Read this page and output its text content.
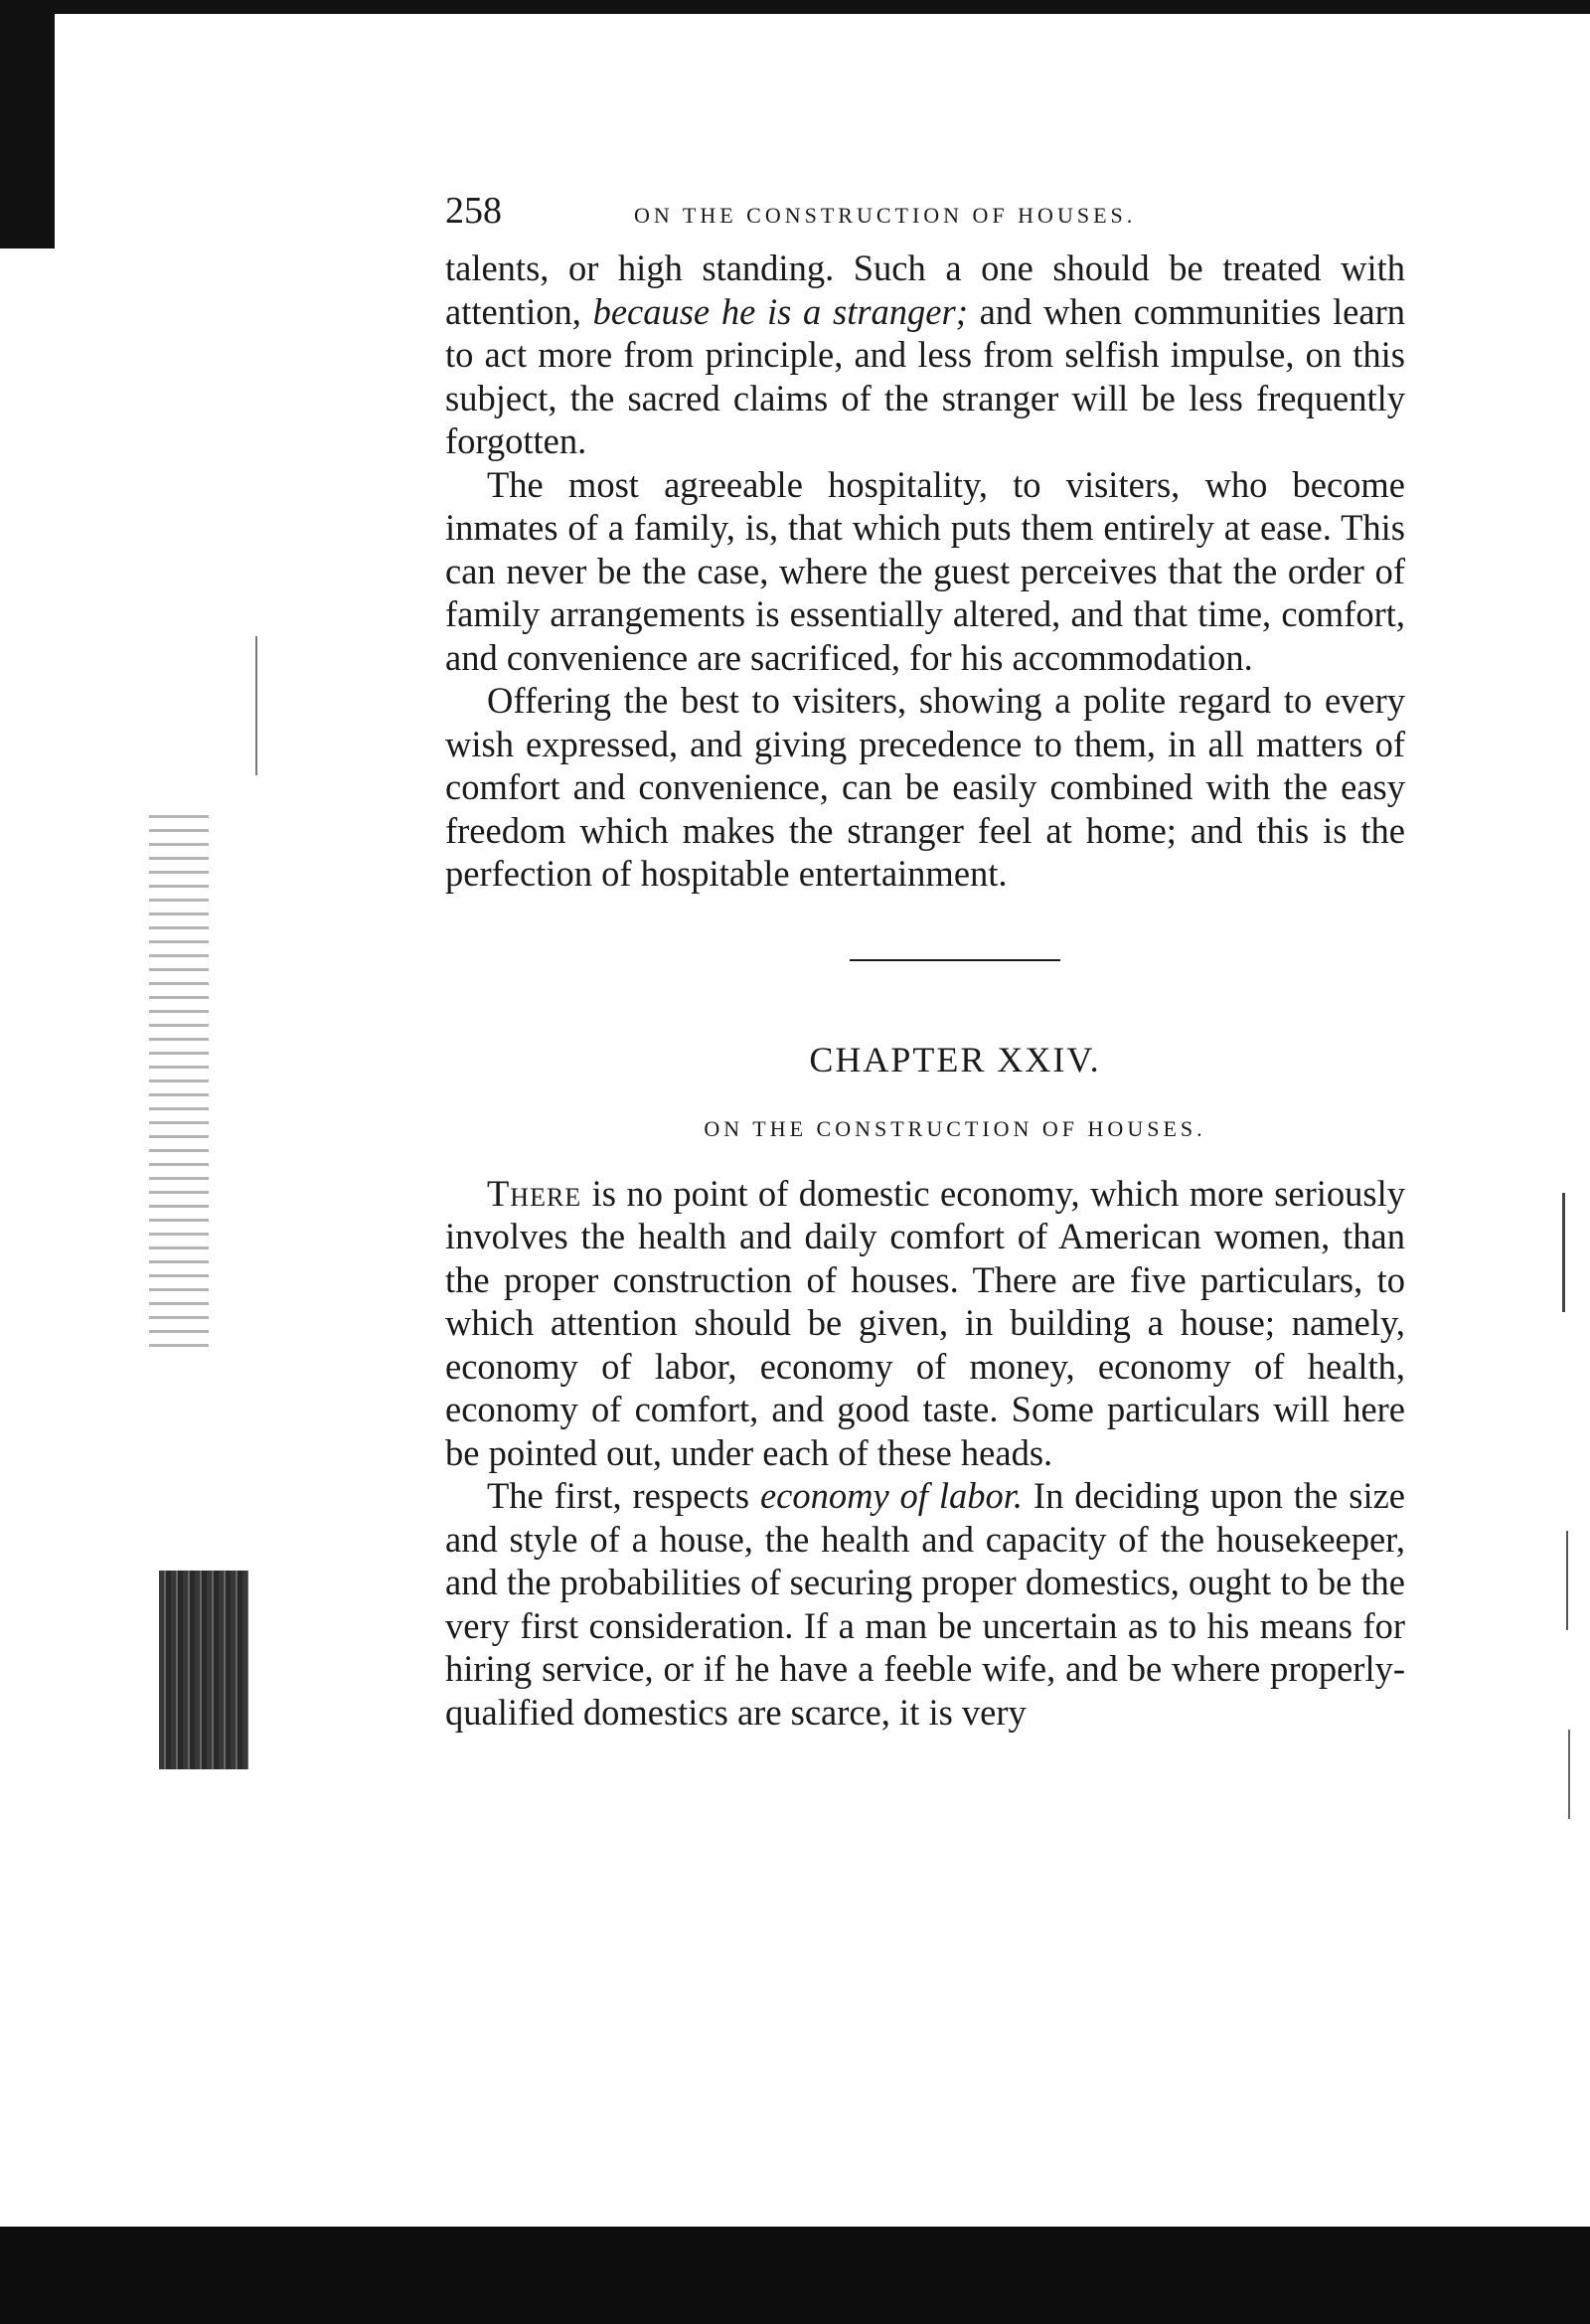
258	ON THE CONSTRUCTION OF HOUSES.

talents, or high standing. Such a one should be treated with attention, because he is a stranger; and when communities learn to act more from principle, and less from selfish impulse, on this subject, the sacred claims of the stranger will be less frequently forgotten.

The most agreeable hospitality, to visiters, who become inmates of a family, is, that which puts them entirely at ease. This can never be the case, where the guest perceives that the order of family arrangements is essentially altered, and that time, comfort, and convenience are sacrificed, for his accommodation.

Offering the best to visiters, showing a polite regard to every wish expressed, and giving precedence to them, in all matters of comfort and convenience, can be easily combined with the easy freedom which makes the stranger feel at home; and this is the perfection of hospitable entertainment.

CHAPTER XXIV.
ON THE CONSTRUCTION OF HOUSES.

There is no point of domestic economy, which more seriously involves the health and daily comfort of American women, than the proper construction of houses. There are five particulars, to which attention should be given, in building a house; namely, economy of labor, economy of money, economy of health, economy of comfort, and good taste. Some particulars will here be pointed out, under each of these heads.

The first, respects economy of labor. In deciding upon the size and style of a house, the health and capacity of the housekeeper, and the probabilities of securing proper domestics, ought to be the very first consideration. If a man be uncertain as to his means for hiring service, or if he have a feeble wife, and be where properly-qualified domestics are scarce, it is very
